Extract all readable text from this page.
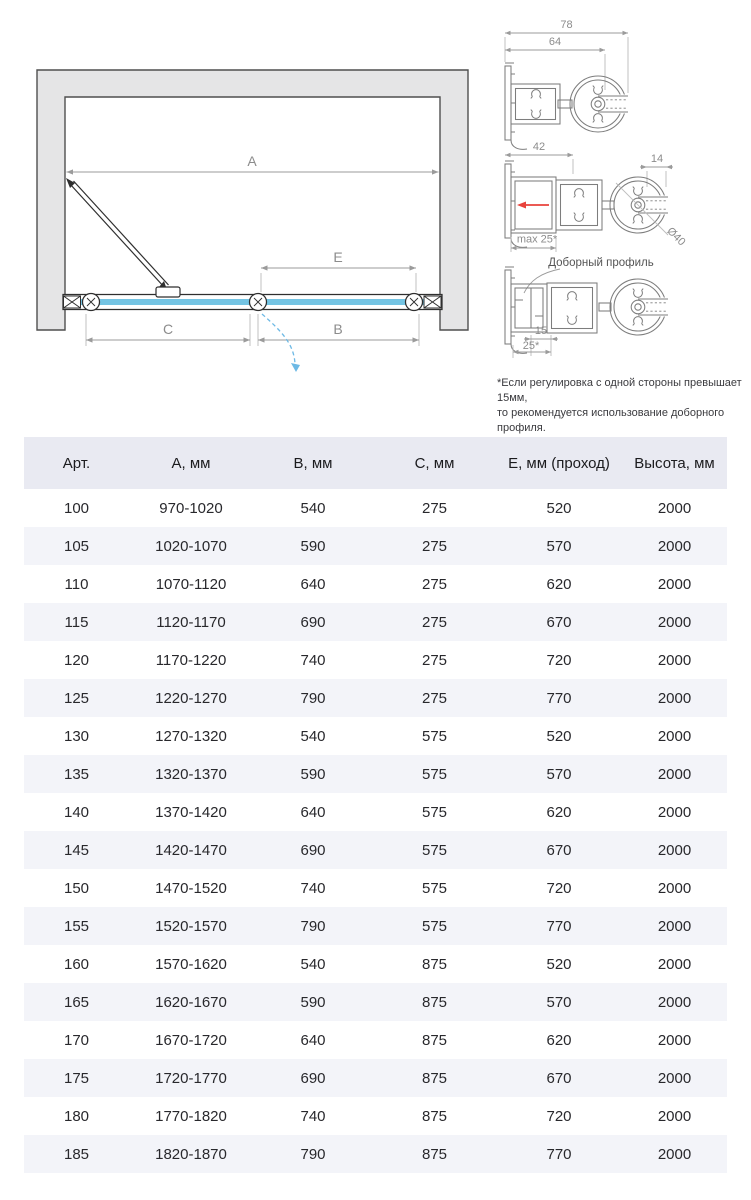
A
E
C	B
78
64
42
14
Ø40
max 25*
Доборный профиль
15
25*
*Если регулировка с одной стороны превышает 15мм,
то рекомендуется использование доборного профиля.
Арт.	А, мм	В, мм	С, мм	Е, мм (проход)	Высота, мм
100	970-1020	540	275	520	2000
105	1020-1070	590	275	570	2000
110	1070-1120	640	275	620	2000
115	1120-1170	690	275	670	2000
120	1170-1220	740	275	720	2000
125	1220-1270	790	275	770	2000
130	1270-1320	540	575	520	2000
135	1320-1370	590	575	570	2000
140	1370-1420	640	575	620	2000
145	1420-1470	690	575	670	2000
150	1470-1520	740	575	720	2000
155	1520-1570	790	575	770	2000
160	1570-1620	540	875	520	2000
165	1620-1670	590	875	570	2000
170	1670-1720	640	875	620	2000
175	1720-1770	690	875	670	2000
180	1770-1820	740	875	720	2000
185	1820-1870	790	875	770	2000
